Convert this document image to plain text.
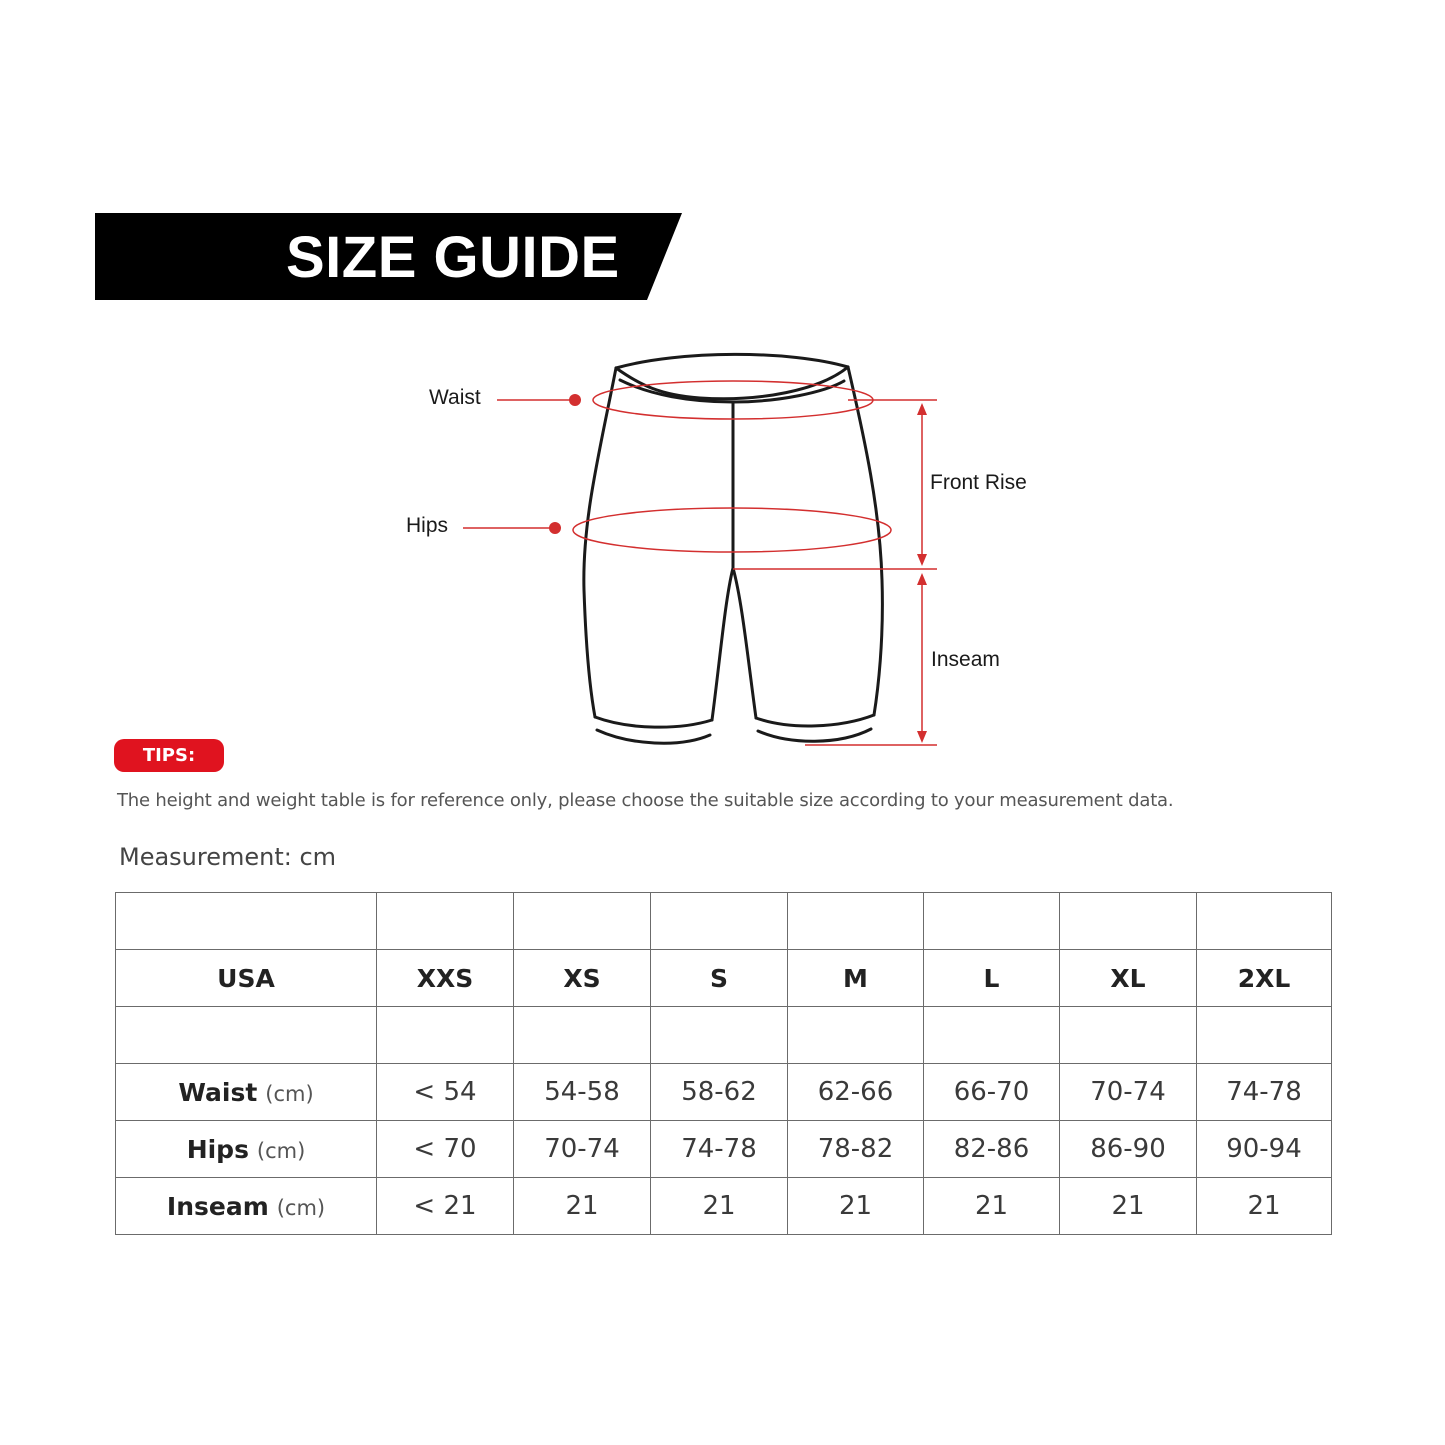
SIZE GUIDE
Waist
Hips
Front Rise
Inseam
TIPS:
The height and weight table is for reference only, please choose the suitable size according to your measurement data.
Measurement: cm

USA	XXS	XS	S	M	L	XL	2XL

Waist (cm)	< 54	54-58	58-62	62-66	66-70	70-74	74-78
Hips (cm)	< 70	70-74	74-78	78-82	82-86	86-90	90-94
Inseam (cm)	< 21	21	21	21	21	21	21
